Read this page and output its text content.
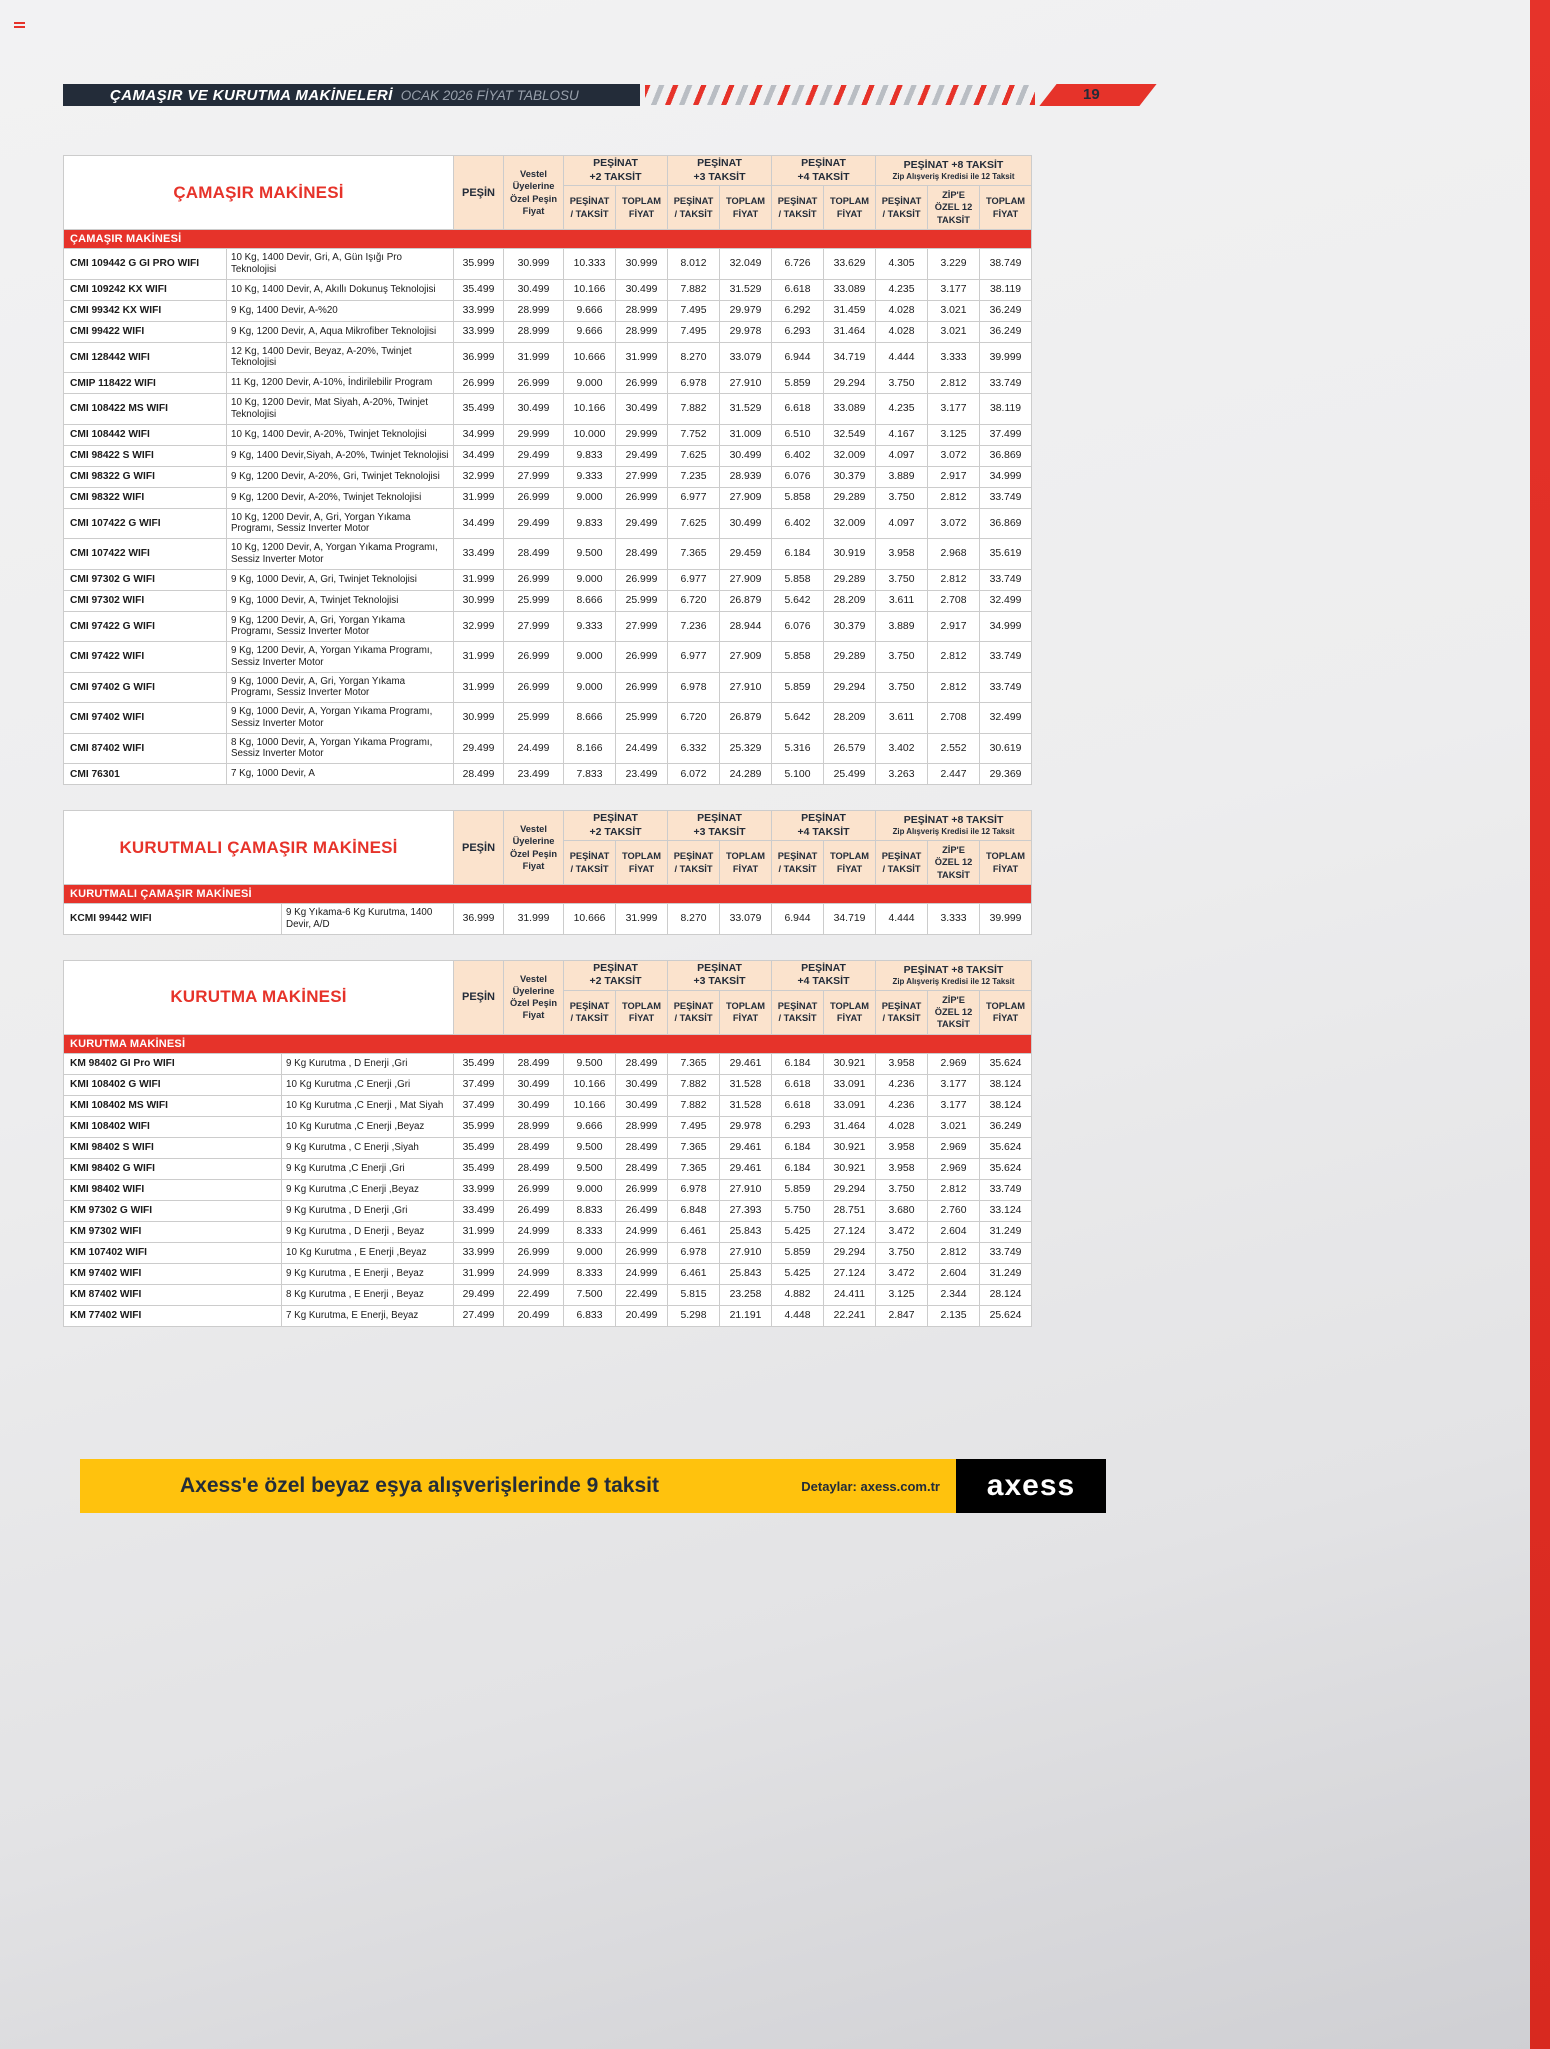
ÇAMAŞIR VE KURUTMA MAKİNELERİ OCAK 2026 FİYAT TABLOSU	19
ÇAMAŞIR MAKİNESİ		PEŞİN	Vestel
Üyelerine
Özel Peşin
Fiyat	PEŞİNAT
+2 TAKSİT		PEŞİNAT
+3 TAKSİT		PEŞİNAT
+4 TAKSİT		PEŞİNAT +8 TAKSİT
Zip Alışveriş Kredisi ile 12 Taksit		

				PEŞİNAT
/ TAKSİT	TOPLAM
FİYAT	PEŞİNAT
/ TAKSİT	TOPLAM
FİYAT	PEŞİNAT
/ TAKSİT	TOPLAM
FİYAT	PEŞİNAT
/ TAKSİT	ZİP'E
ÖZEL 12
TAKSİT	TOPLAM
FİYAT
ÇAMAŞIR MAKİNESİ												
CMI 109442 G GI PRO WIFI	10 Kg, 1400 Devir, Gri, A, Gün Işığı Pro Teknolojisi	35.999	30.999	10.333	30.999	8.012	32.049	6.726	33.629	4.305	3.229	38.749
CMI 109242 KX WIFI	10 Kg, 1400 Devir, A, Akıllı Dokunuş Teknolojisi	35.499	30.499	10.166	30.499	7.882	31.529	6.618	33.089	4.235	3.177	38.119
CMI 99342 KX WIFI	9 Kg, 1400 Devir, A-%20	33.999	28.999	9.666	28.999	7.495	29.979	6.292	31.459	4.028	3.021	36.249
CMI 99422 WIFI	9 Kg, 1200 Devir, A, Aqua Mikrofiber Teknolojisi	33.999	28.999	9.666	28.999	7.495	29.978	6.293	31.464	4.028	3.021	36.249
CMI 128442 WIFI	12 Kg, 1400 Devir, Beyaz, A-20%, Twinjet Teknolojisi	36.999	31.999	10.666	31.999	8.270	33.079	6.944	34.719	4.444	3.333	39.999
CMIP 118422 WIFI	11 Kg, 1200 Devir, A-10%, İndirilebilir Program	26.999	26.999	9.000	26.999	6.978	27.910	5.859	29.294	3.750	2.812	33.749
CMI 108422 MS WIFI	10 Kg, 1200 Devir, Mat Siyah, A-20%, Twinjet Teknolojisi	35.499	30.499	10.166	30.499	7.882	31.529	6.618	33.089	4.235	3.177	38.119
CMI 108442 WIFI	10 Kg, 1400 Devir, A-20%, Twinjet Teknolojisi	34.999	29.999	10.000	29.999	7.752	31.009	6.510	32.549	4.167	3.125	37.499
CMI 98422 S WIFI	9 Kg, 1400 Devir,Siyah, A-20%, Twinjet Teknolojisi	34.499	29.499	9.833	29.499	7.625	30.499	6.402	32.009	4.097	3.072	36.869
CMI 98322 G WIFI	9 Kg, 1200 Devir, A-20%, Gri, Twinjet Teknolojisi	32.999	27.999	9.333	27.999	7.235	28.939	6.076	30.379	3.889	2.917	34.999
CMI 98322 WIFI	9 Kg, 1200 Devir, A-20%, Twinjet Teknolojisi	31.999	26.999	9.000	26.999	6.977	27.909	5.858	29.289	3.750	2.812	33.749
CMI 107422 G WIFI	10 Kg, 1200 Devir, A, Gri, Yorgan Yıkama Programı, Sessiz Inverter Motor	34.499	29.499	9.833	29.499	7.625	30.499	6.402	32.009	4.097	3.072	36.869
CMI 107422 WIFI	10 Kg, 1200 Devir, A, Yorgan Yıkama Programı, Sessiz Inverter Motor	33.499	28.499	9.500	28.499	7.365	29.459	6.184	30.919	3.958	2.968	35.619
CMI 97302 G WIFI	9 Kg, 1000 Devir, A, Gri, Twinjet Teknolojisi	31.999	26.999	9.000	26.999	6.977	27.909	5.858	29.289	3.750	2.812	33.749
CMI 97302 WIFI	9 Kg, 1000 Devir, A, Twinjet Teknolojisi	30.999	25.999	8.666	25.999	6.720	26.879	5.642	28.209	3.611	2.708	32.499
CMI 97422 G WIFI	9 Kg, 1200 Devir, A, Gri, Yorgan Yıkama Programı, Sessiz Inverter Motor	32.999	27.999	9.333	27.999	7.236	28.944	6.076	30.379	3.889	2.917	34.999
CMI 97422 WIFI	9 Kg, 1200 Devir, A, Yorgan Yıkama Programı, Sessiz Inverter Motor	31.999	26.999	9.000	26.999	6.977	27.909	5.858	29.289	3.750	2.812	33.749
CMI 97402 G WIFI	9 Kg, 1000 Devir, A, Gri, Yorgan Yıkama Programı, Sessiz Inverter Motor	31.999	26.999	9.000	26.999	6.978	27.910	5.859	29.294	3.750	2.812	33.749
CMI 97402 WIFI	9 Kg, 1000 Devir, A, Yorgan Yıkama Programı, Sessiz Inverter Motor	30.999	25.999	8.666	25.999	6.720	26.879	5.642	28.209	3.611	2.708	32.499
CMI 87402 WIFI	8 Kg, 1000 Devir, A, Yorgan Yıkama Programı, Sessiz Inverter Motor	29.499	24.499	8.166	24.499	6.332	25.329	5.316	26.579	3.402	2.552	30.619
CMI 76301	7 Kg, 1000 Devir, A	28.499	23.499	7.833	23.499	6.072	24.289	5.100	25.499	3.263	2.447	29.369
KURUTMALI ÇAMAŞIR MAKİNESİ		PEŞİN	Vestel
Üyelerine
Özel Peşin
Fiyat	PEŞİNAT
+2 TAKSİT		PEŞİNAT
+3 TAKSİT		PEŞİNAT
+4 TAKSİT		PEŞİNAT +8 TAKSİT
Zip Alışveriş Kredisi ile 12 Taksit		

				PEŞİNAT
/ TAKSİT	TOPLAM
FİYAT	PEŞİNAT
/ TAKSİT	TOPLAM
FİYAT	PEŞİNAT
/ TAKSİT	TOPLAM
FİYAT	PEŞİNAT
/ TAKSİT	ZİP'E
ÖZEL 12
TAKSİT	TOPLAM
FİYAT
KURUTMALI ÇAMAŞIR MAKİNESİ												
KCMI 99442 WIFI	9 Kg Yıkama-6 Kg Kurutma, 1400 Devir, A/D	36.999	31.999	10.666	31.999	8.270	33.079	6.944	34.719	4.444	3.333	39.999
KURUTMA MAKİNESİ		PEŞİN	Vestel
Üyelerine
Özel Peşin
Fiyat	PEŞİNAT
+2 TAKSİT		PEŞİNAT
+3 TAKSİT		PEŞİNAT
+4 TAKSİT		PEŞİNAT +8 TAKSİT
Zip Alışveriş Kredisi ile 12 Taksit		

				PEŞİNAT
/ TAKSİT	TOPLAM
FİYAT	PEŞİNAT
/ TAKSİT	TOPLAM
FİYAT	PEŞİNAT
/ TAKSİT	TOPLAM
FİYAT	PEŞİNAT
/ TAKSİT	ZİP'E
ÖZEL 12
TAKSİT	TOPLAM
FİYAT
KURUTMA MAKİNESİ												
KM 98402 GI Pro WIFI	9 Kg Kurutma , D Enerji ,Gri	35.499	28.499	9.500	28.499	7.365	29.461	6.184	30.921	3.958	2.969	35.624
KMI 108402 G WIFI	10 Kg Kurutma ,C Enerji ,Gri	37.499	30.499	10.166	30.499	7.882	31.528	6.618	33.091	4.236	3.177	38.124
KMI 108402 MS WIFI	10 Kg Kurutma ,C Enerji , Mat Siyah	37.499	30.499	10.166	30.499	7.882	31.528	6.618	33.091	4.236	3.177	38.124
KMI 108402 WIFI	10 Kg Kurutma ,C Enerji ,Beyaz	35.999	28.999	9.666	28.999	7.495	29.978	6.293	31.464	4.028	3.021	36.249
KMI 98402 S WIFI	9 Kg Kurutma , C Enerji ,Siyah	35.499	28.499	9.500	28.499	7.365	29.461	6.184	30.921	3.958	2.969	35.624
KMI 98402 G WIFI	9 Kg Kurutma ,C Enerji ,Gri	35.499	28.499	9.500	28.499	7.365	29.461	6.184	30.921	3.958	2.969	35.624
KMI 98402 WIFI	9 Kg Kurutma ,C Enerji ,Beyaz	33.999	26.999	9.000	26.999	6.978	27.910	5.859	29.294	3.750	2.812	33.749
KM 97302 G WIFI	9 Kg Kurutma , D Enerji ,Gri	33.499	26.499	8.833	26.499	6.848	27.393	5.750	28.751	3.680	2.760	33.124
KM 97302 WIFI	9 Kg Kurutma , D Enerji , Beyaz	31.999	24.999	8.333	24.999	6.461	25.843	5.425	27.124	3.472	2.604	31.249
KM 107402 WIFI	10 Kg Kurutma , E Enerji ,Beyaz	33.999	26.999	9.000	26.999	6.978	27.910	5.859	29.294	3.750	2.812	33.749
KM 97402 WIFI	9 Kg Kurutma , E Enerji , Beyaz	31.999	24.999	8.333	24.999	6.461	25.843	5.425	27.124	3.472	2.604	31.249
KM 87402 WIFI	8 Kg Kurutma , E Enerji , Beyaz	29.499	22.499	7.500	22.499	5.815	23.258	4.882	24.411	3.125	2.344	28.124
KM 77402 WIFI	7 Kg Kurutma, E Enerji, Beyaz	27.499	20.499	6.833	20.499	5.298	21.191	4.448	22.241	2.847	2.135	25.624
Axess'e özel beyaz eşya alışverişlerinde 9 taksit	Detaylar: axess.com.tr axess
